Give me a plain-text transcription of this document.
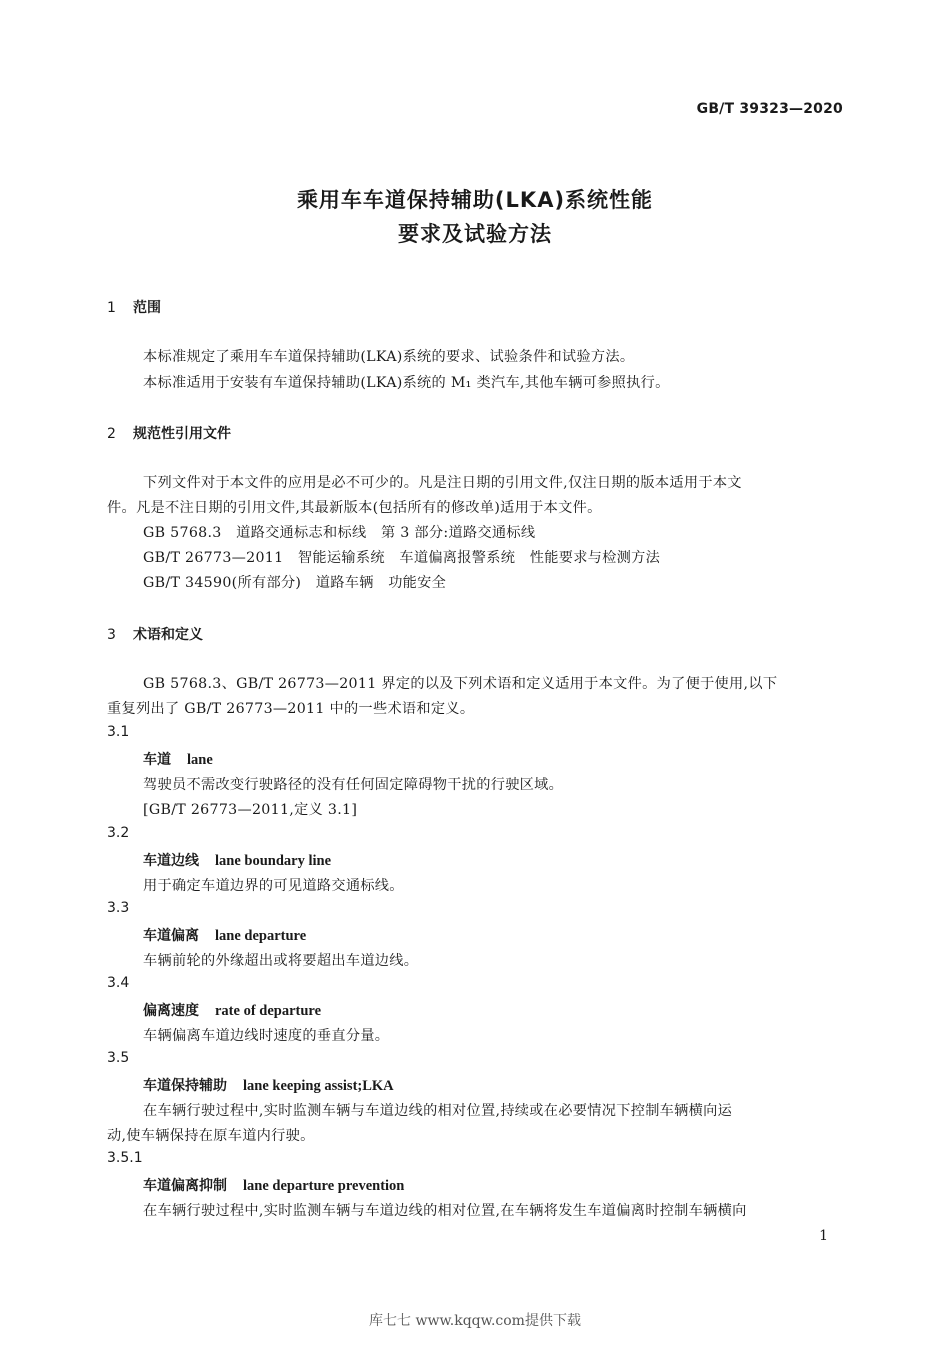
GB/T 39323—2020
乘用车车道保持辅助(LKA)系统性能
要求及试验方法
1 范围
本标准规定了乘用车车道保持辅助(LKA)系统的要求、试验条件和试验方法。
本标准适用于安装有车道保持辅助(LKA)系统的 M₁ 类汽车,其他车辆可参照执行。
2 规范性引用文件
下列文件对于本文件的应用是必不可少的。凡是注日期的引用文件,仅注日期的版本适用于本文
件。凡是不注日期的引用文件,其最新版本(包括所有的修改单)适用于本文件。
GB 5768.3　道路交通标志和标线　第 3 部分:道路交通标线
GB/T 26773—2011　智能运输系统　车道偏离报警系统　性能要求与检测方法
GB/T 34590(所有部分)　道路车辆　功能安全
3 术语和定义
GB 5768.3、GB/T 26773—2011 界定的以及下列术语和定义适用于本文件。为了便于使用,以下
重复列出了 GB/T 26773—2011 中的一些术语和定义。
3.1
车道 lane
驾驶员不需改变行驶路径的没有任何固定障碍物干扰的行驶区域。
[GB/T 26773—2011,定义 3.1]
3.2
车道边线 lane boundary line
用于确定车道边界的可见道路交通标线。
3.3
车道偏离 lane departure
车辆前轮的外缘超出或将要超出车道边线。
3.4
偏离速度 rate of departure
车辆偏离车道边线时速度的垂直分量。
3.5
车道保持辅助 lane keeping assist;LKA
在车辆行驶过程中,实时监测车辆与车道边线的相对位置,持续或在必要情况下控制车辆横向运
动,使车辆保持在原车道内行驶。
3.5.1
车道偏离抑制 lane departure prevention
在车辆行驶过程中,实时监测车辆与车道边线的相对位置,在车辆将发生车道偏离时控制车辆横向
1
库七七 www.kqqw.com提供下载
